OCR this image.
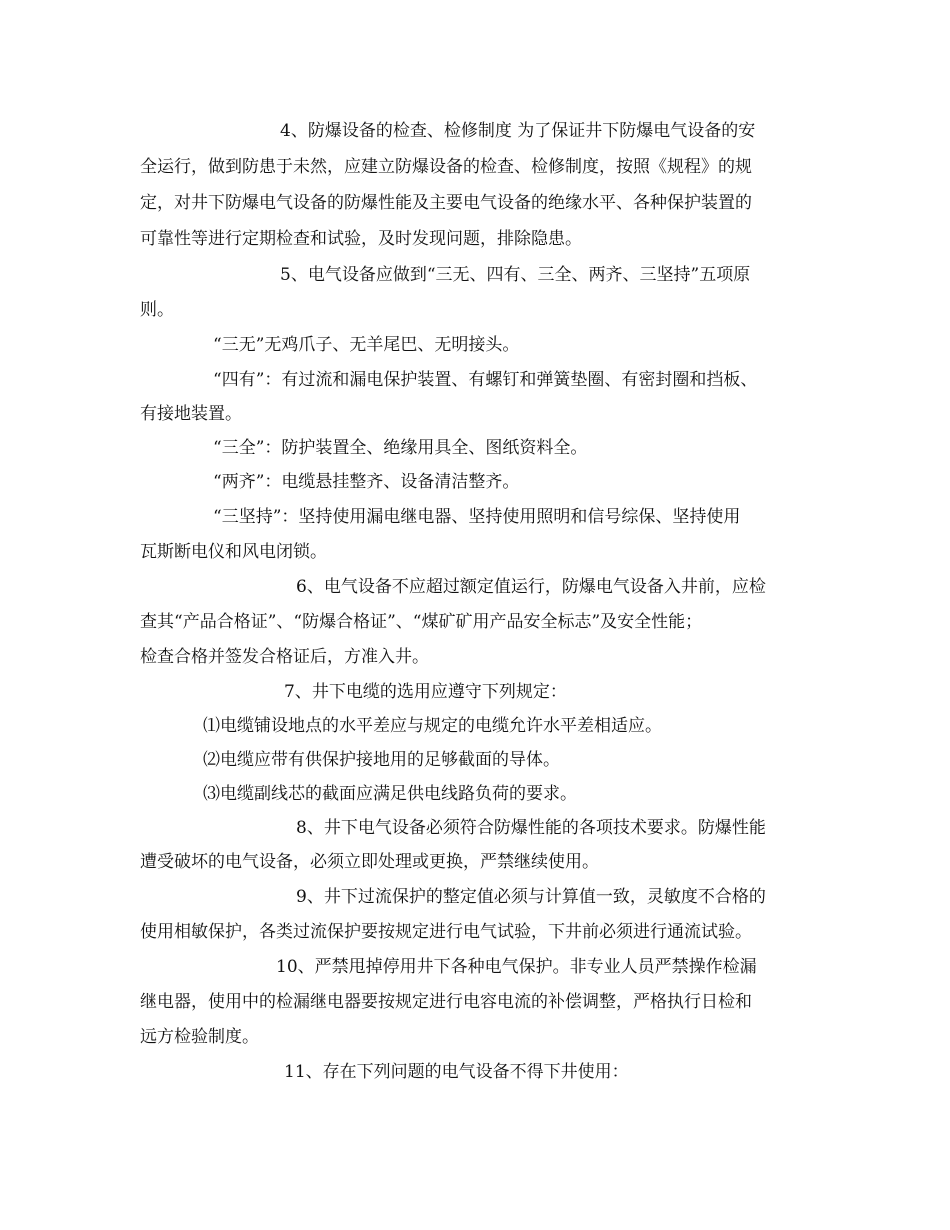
4、防爆设备的检查、检修制度 为了保证井下防爆电气设备的安
全运行，做到防患于未然，应建立防爆设备的检查、检修制度，按照《规程》的规
定，对井下防爆电气设备的防爆性能及主要电气设备的绝缘水平、各种保护装置的
可靠性等进行定期检查和试验，及时发现问题，排除隐患。
5、电气设备应做到“三无、四有、三全、两齐、三坚持”五项原
则。
“三无”无鸡爪子、无羊尾巴、无明接头。
“四有”：有过流和漏电保护装置、有螺钉和弹簧垫圈、有密封圈和挡板、
有接地装置。
“三全”：防护装置全、绝缘用具全、图纸资料全。
“两齐”：电缆悬挂整齐、设备清洁整齐。
“三坚持”：坚持使用漏电继电器、坚持使用照明和信号综保、坚持使用
瓦斯断电仪和风电闭锁。
6、电气设备不应超过额定值运行，防爆电气设备入井前，应检
查其“产品合格证”、“防爆合格证”、“煤矿矿用产品安全标志”及安全性能；
检查合格并签发合格证后，方准入井。
7、井下电缆的选用应遵守下列规定：
⑴电缆铺设地点的水平差应与规定的电缆允许水平差相适应。
⑵电缆应带有供保护接地用的足够截面的导体。
⑶电缆副线芯的截面应满足供电线路负荷的要求。
8、井下电气设备必须符合防爆性能的各项技术要求。防爆性能
遭受破坏的电气设备，必须立即处理或更换，严禁继续使用。
9、井下过流保护的整定值必须与计算值一致，灵敏度不合格的
使用相敏保护，各类过流保护要按规定进行电气试验，下井前必须进行通流试验。
10、严禁甩掉停用井下各种电气保护。非专业人员严禁操作检漏
继电器，使用中的检漏继电器要按规定进行电容电流的补偿调整，严格执行日检和
远方检验制度。
11、存在下列问题的电气设备不得下井使用：
